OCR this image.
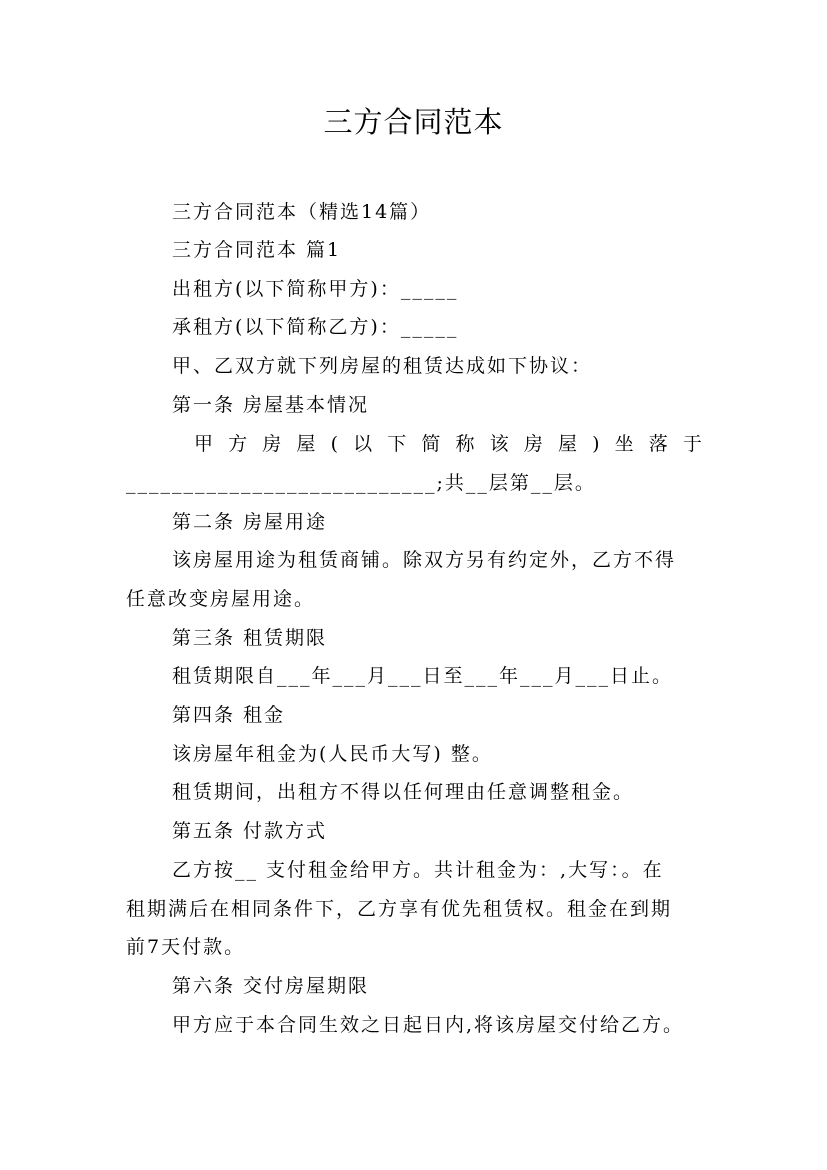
三方合同范本
三方合同范本（精选14篇）
三方合同范本 篇1
出租方(以下简称甲方)：_____
承租方(以下简称乙方)：_____
甲、乙双方就下列房屋的租赁达成如下协议：
第一条 房屋基本情况
甲 方 房 屋 ( 以 下 简 称 该 房 屋 ) 坐 落 于
___________________________;共__层第__层。
第二条 房屋用途
该房屋用途为租赁商铺。除双方另有约定外，乙方不得
任意改变房屋用途。
第三条 租赁期限
租赁期限自___年___月___日至___年___月___日止。
第四条 租金
该房屋年租金为(人民币大写) 整。
租赁期间，出租方不得以任何理由任意调整租金。
第五条 付款方式
乙方按__ 支付租金给甲方。共计租金为：,大写：。在
租期满后在相同条件下，乙方享有优先租赁权。租金在到期
前7天付款。
第六条 交付房屋期限
甲方应于本合同生效之日起日内,将该房屋交付给乙方。
